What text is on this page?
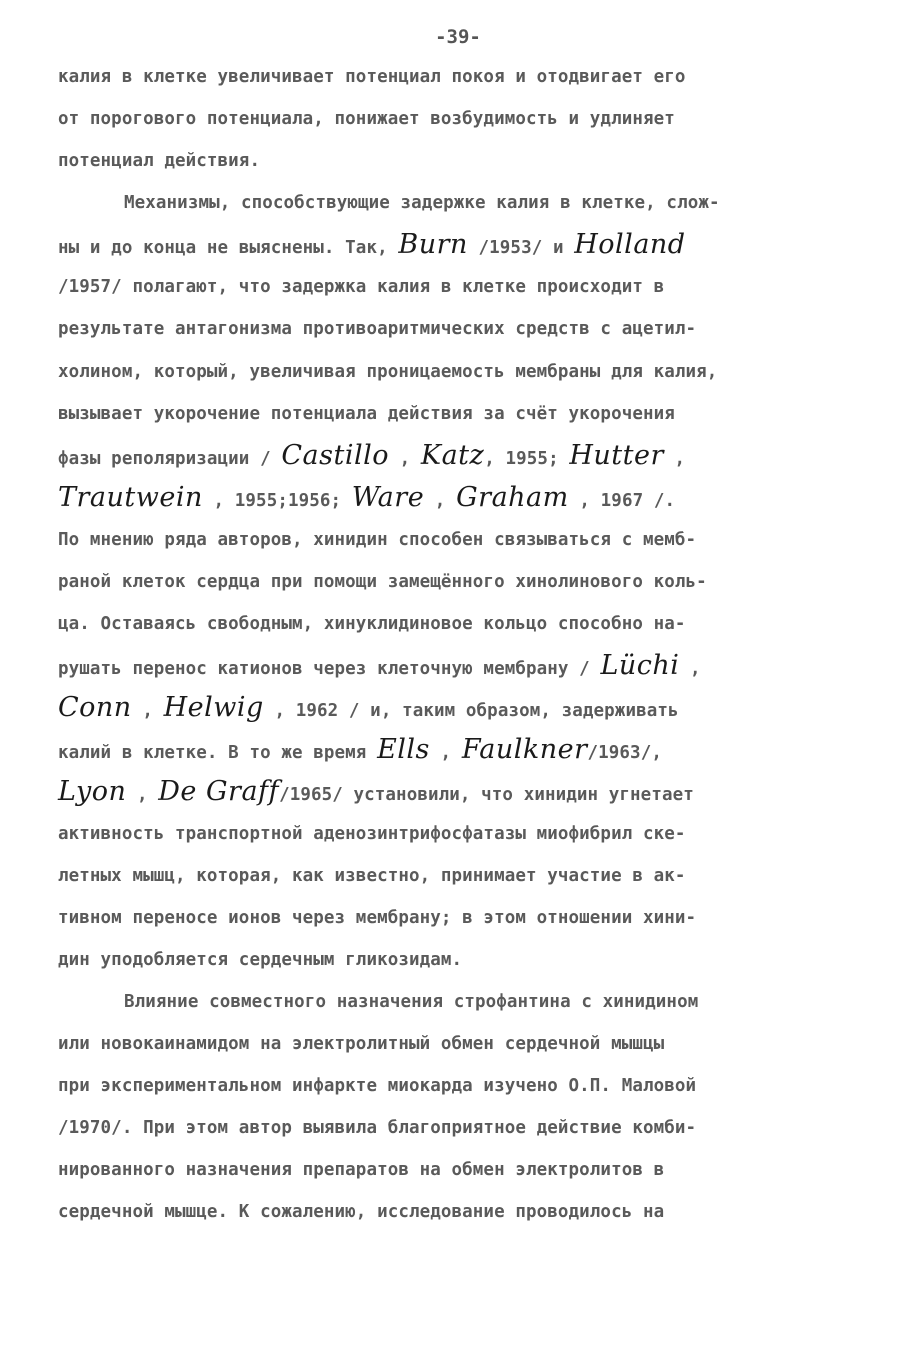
-39-
калия в клетке увеличивает потенциал покоя и отодвигает его
от порогового потенциала, понижает возбудимость и удлиняет
потенциал действия.
Механизмы, способствующие задержке калия в клетке, слож-
ны и до конца не выяснены. Так, Burn /1953/ и Holland
/1957/ полагают, что задержка калия в клетке происходит в
результате антагонизма противоаритмических средств с ацетил-
холином, который, увеличивая проницаемость мембраны для калия,
вызывает укорочение потенциала действия за счёт укорочения
фазы реполяризации / Castillo , Katz, 1955; Hutter ,
Trautwein , 1955;1956; Ware , Graham , 1967 /.
По мнению ряда авторов, хинидин способен связываться с мемб-
раной клеток сердца при помощи замещённого хинолинового коль-
ца. Оставаясь свободным, хинуклидиновое кольцо способно на-
рушать перенос катионов через клеточную мембрану / Lüchi ,
Conn , Helwig , 1962 / и, таким образом, задерживать
калий в клетке. В то же время Ells , Faulkner/1963/,
Lyon , De Graff/1965/ установили, что хинидин угнетает
активность транспортной аденозинтрифосфатазы миофибрил ске-
летных мышц, которая, как известно, принимает участие в ак-
тивном переносе ионов через мембрану; в этом отношении хини-
дин уподобляется сердечным гликозидам.
Влияние совместного назначения строфантина с хинидином
или новокаинамидом на электролитный обмен сердечной мышцы
при экспериментальном инфаркте миокарда изучено О.П. Маловой
/1970/. При этом автор выявила благоприятное действие комби-
нированного назначения препаратов на обмен электролитов в
сердечной мышце. К сожалению, исследование проводилось на
